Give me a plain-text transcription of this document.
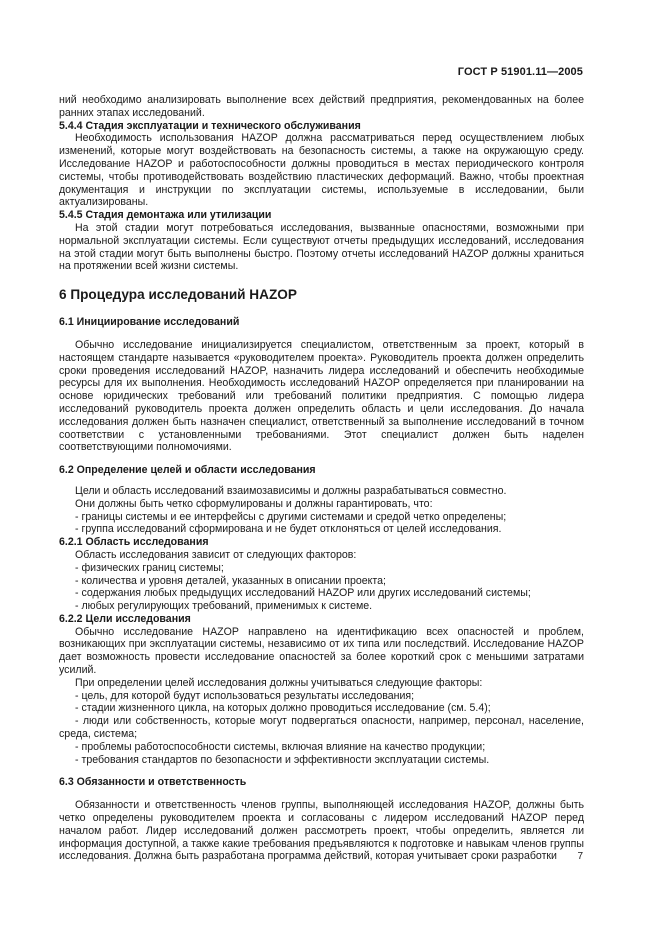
ГОСТ Р 51901.11—2005

ний необходимо анализировать выполнение всех действий предприятия, рекомендованных на более ранних этапах исследований.

5.4.4 Стадия эксплуатации и технического обслуживания

Необходимость использования HAZOP должна рассматриваться перед осуществлением любых изменений, которые могут воздействовать на безопасность системы, а также на окружающую среду. Исследование HAZOP и работоспособности должны проводиться в местах периодического контроля системы, чтобы противодействовать воздействию пластических деформаций. Важно, чтобы проектная документация и инструкции по эксплуатации системы, используемые в исследовании, были актуализированы.

5.4.5 Стадия демонтажа или утилизации

На этой стадии могут потребоваться исследования, вызванные опасностями, возможными при нормальной эксплуатации системы. Если существуют отчеты предыдущих исследований, исследования на этой стадии могут быть выполнены быстро. Поэтому отчеты исследований HAZOP должны храниться на протяжении всей жизни системы.

6 Процедура исследований HAZOP

6.1 Инициирование исследований

Обычно исследование инициализируется специалистом, ответственным за проект, который в настоящем стандарте называется «руководителем проекта». Руководитель проекта должен определить сроки проведения исследований HAZOP, назначить лидера исследований и обеспечить необходимые ресурсы для их выполнения. Необходимость исследований HAZOP определяется при планировании на основе юридических требований или требований политики предприятия. С помощью лидера исследований руководитель проекта должен определить область и цели исследования. До начала исследования должен быть назначен специалист, ответственный за выполнение исследований в точном соответствии с установленными требованиями. Этот специалист должен быть наделен соответствующими полномочиями.

6.2 Определение целей и области исследования

Цели и область исследований взаимозависимы и должны разрабатываться совместно.

Они должны быть четко сформулированы и должны гарантировать, что:

- границы системы и ее интерфейсы с другими системами и средой четко определены;

- группа исследований сформирована и не будет отклоняться от целей исследования.

6.2.1 Область исследования

Область исследования зависит от следующих факторов:

- физических границ системы;

- количества и уровня деталей, указанных в описании проекта;

- содержания любых предыдущих исследований HAZOP или других исследований системы;

- любых регулирующих требований, применимых к системе.

6.2.2 Цели исследования

Обычно исследование HAZOP направлено на идентификацию всех опасностей и проблем, возникающих при эксплуатации системы, независимо от их типа или последствий. Исследование HAZOP дает возможность провести исследование опасностей за более короткий срок с меньшими затратами усилий.

При определении целей исследования должны учитываться следующие факторы:

- цель, для которой будут использоваться результаты исследования;

- стадии жизненного цикла, на которых должно проводиться исследование (см. 5.4);

- люди или собственность, которые могут подвергаться опасности, например, персонал, население, среда, система;

- проблемы работоспособности системы, включая влияние на качество продукции;

- требования стандартов по безопасности и эффективности эксплуатации системы.

6.3 Обязанности и ответственность

Обязанности и ответственность членов группы, выполняющей исследования HAZOP, должны быть четко определены руководителем проекта и согласованы с лидером исследований HAZOP перед началом работ. Лидер исследований должен рассмотреть проект, чтобы определить, является ли информация доступной, а также какие требования предъявляются к подготовке и навыкам членов группы исследования. Должна быть разработана программа действий, которая учитывает сроки разработки	7
